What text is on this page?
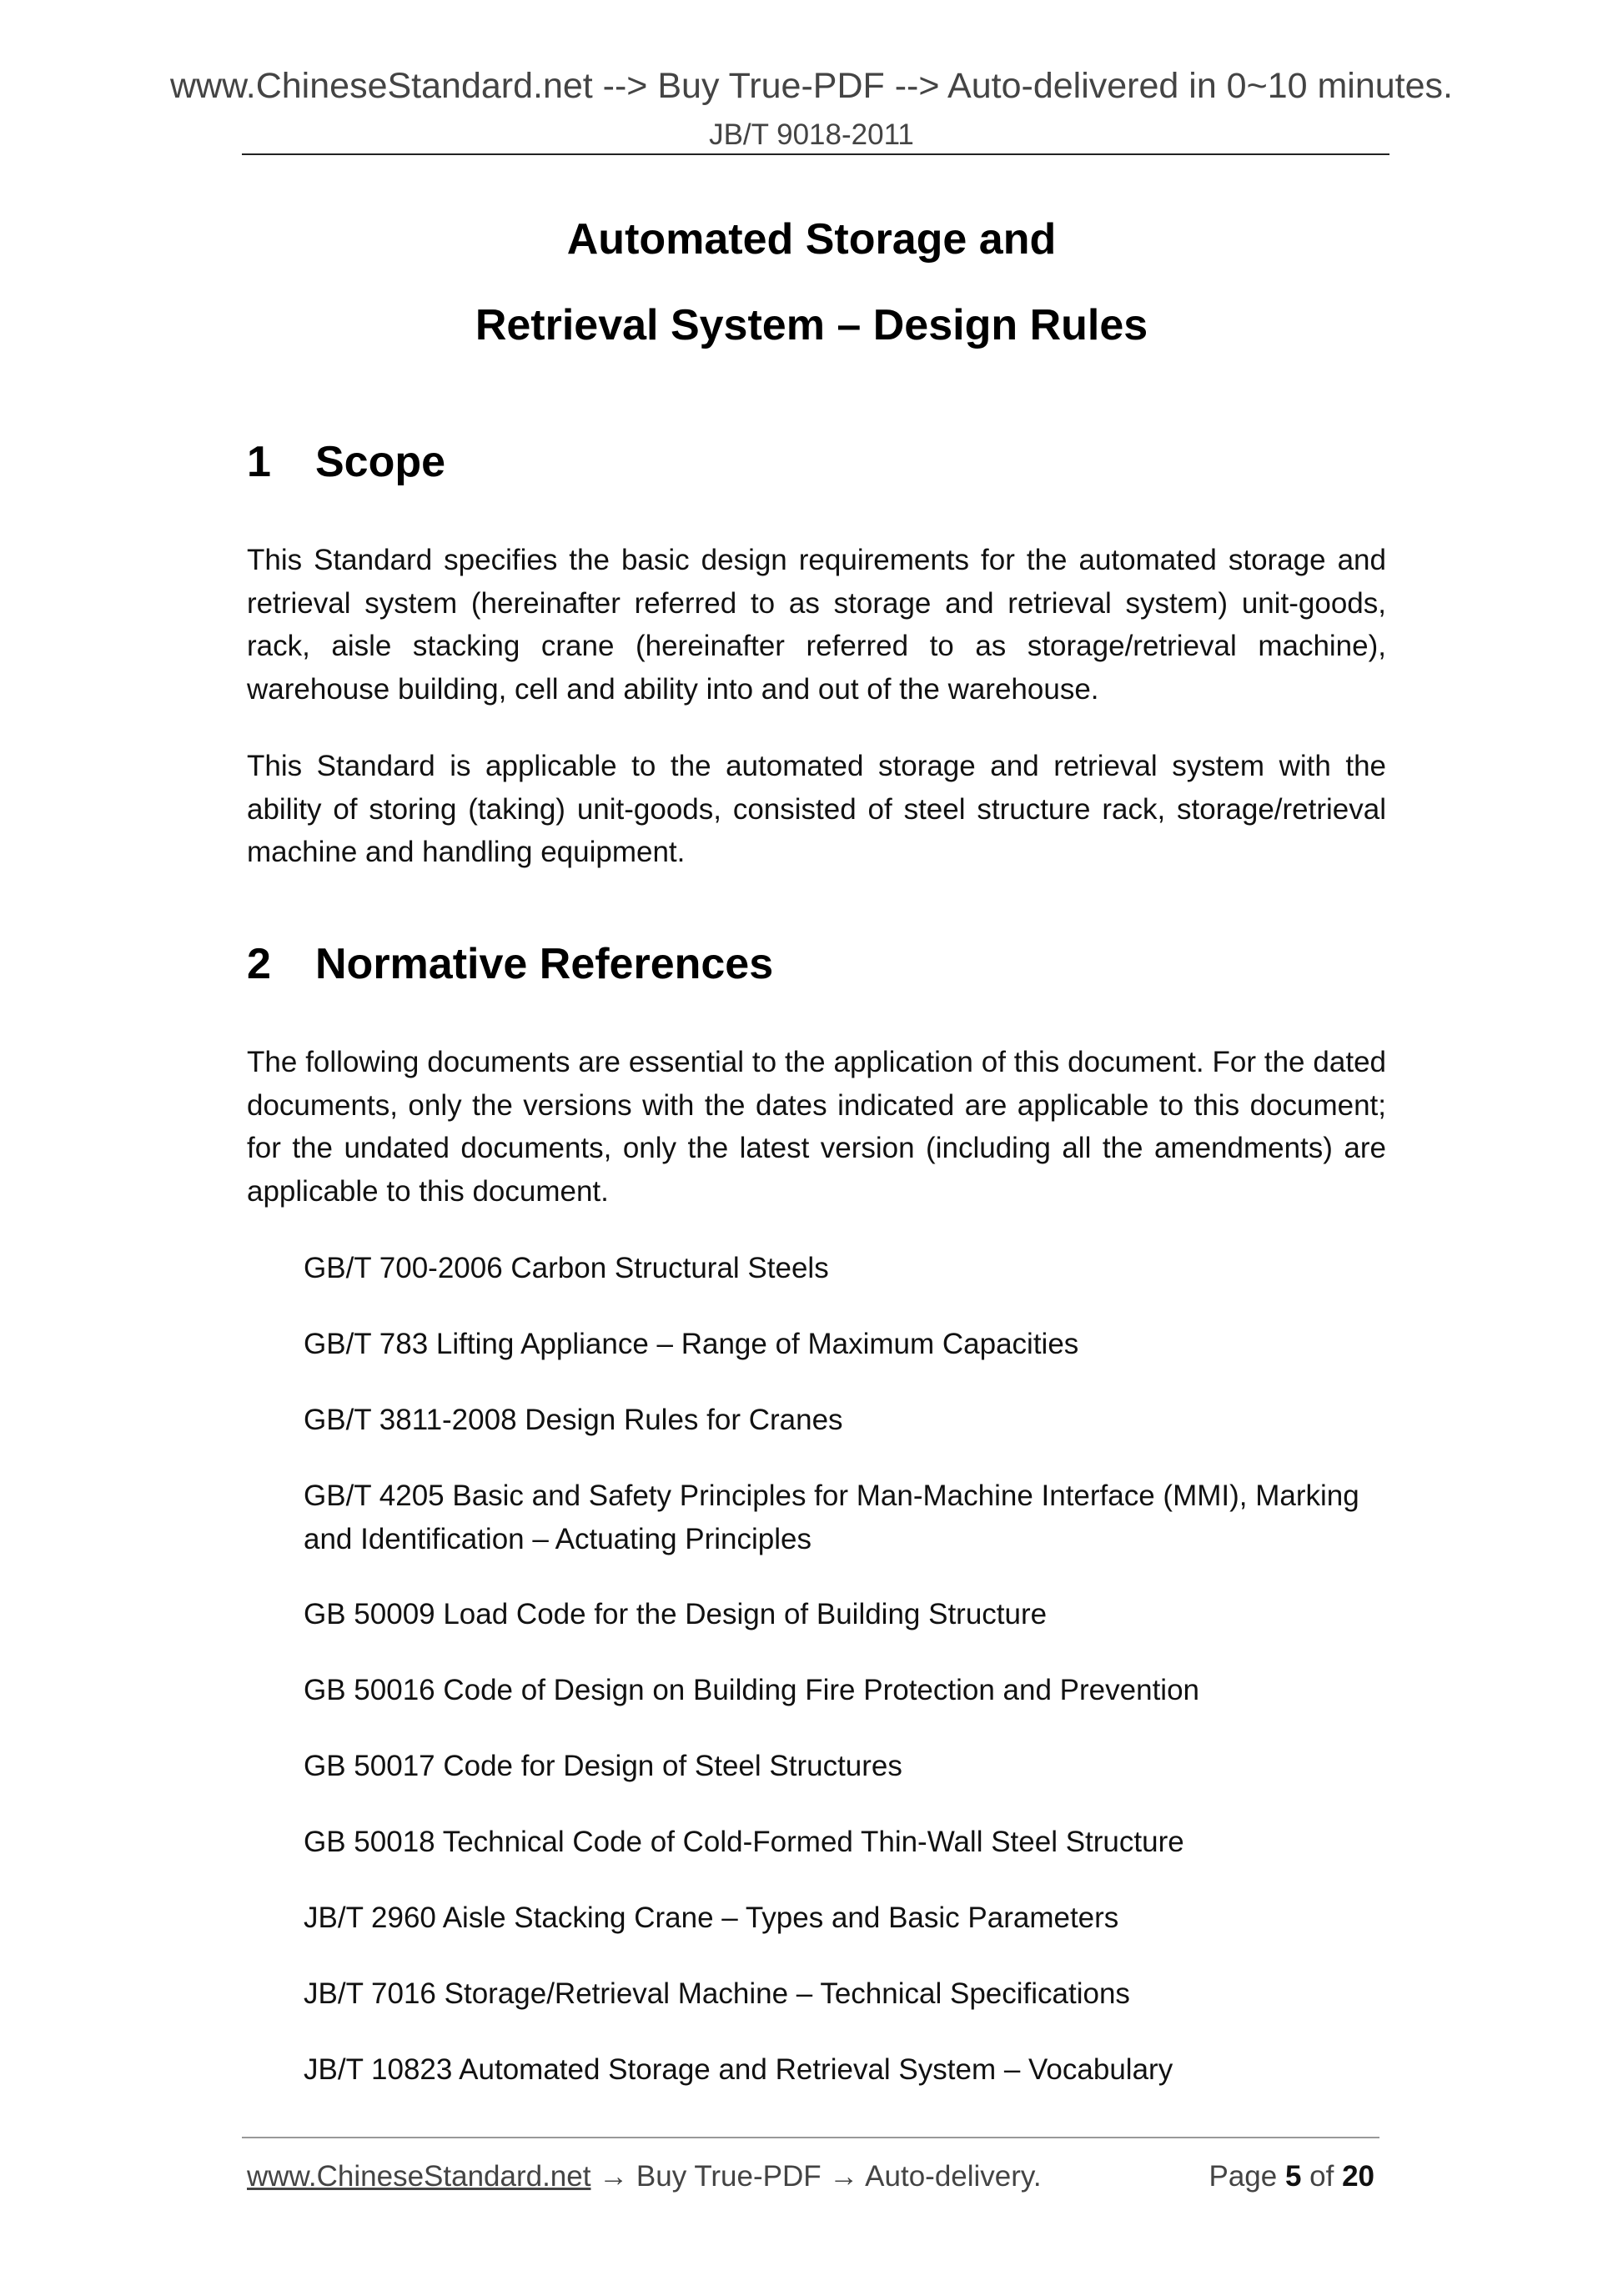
www.ChineseStandard.net --> Buy True-PDF --> Auto-delivered in 0~10 minutes.
JB/T 9018-2011
Automated Storage and
Retrieval System – Design Rules
1 Scope
This Standard specifies the basic design requirements for the automated storage and retrieval system (hereinafter referred to as storage and retrieval system) unit-goods, rack, aisle stacking crane (hereinafter referred to as storage/retrieval machine), warehouse building, cell and ability into and out of the warehouse.
This Standard is applicable to the automated storage and retrieval system with the ability of storing (taking) unit-goods, consisted of steel structure rack, storage/retrieval machine and handling equipment.
2 Normative References
The following documents are essential to the application of this document. For the dated documents, only the versions with the dates indicated are applicable to this document; for the undated documents, only the latest version (including all the amendments) are applicable to this document.
GB/T 700-2006 Carbon Structural Steels
GB/T 783 Lifting Appliance – Range of Maximum Capacities
GB/T 3811-2008 Design Rules for Cranes
GB/T 4205 Basic and Safety Principles for Man-Machine Interface (MMI), Marking and Identification – Actuating Principles
GB 50009 Load Code for the Design of Building Structure
GB 50016 Code of Design on Building Fire Protection and Prevention
GB 50017 Code for Design of Steel Structures
GB 50018 Technical Code of Cold-Formed Thin-Wall Steel Structure
JB/T 2960 Aisle Stacking Crane – Types and Basic Parameters
JB/T 7016 Storage/Retrieval Machine – Technical Specifications
JB/T 10823 Automated Storage and Retrieval System – Vocabulary
www.ChineseStandard.net → Buy True-PDF → Auto-delivery.	Page 5 of 20
